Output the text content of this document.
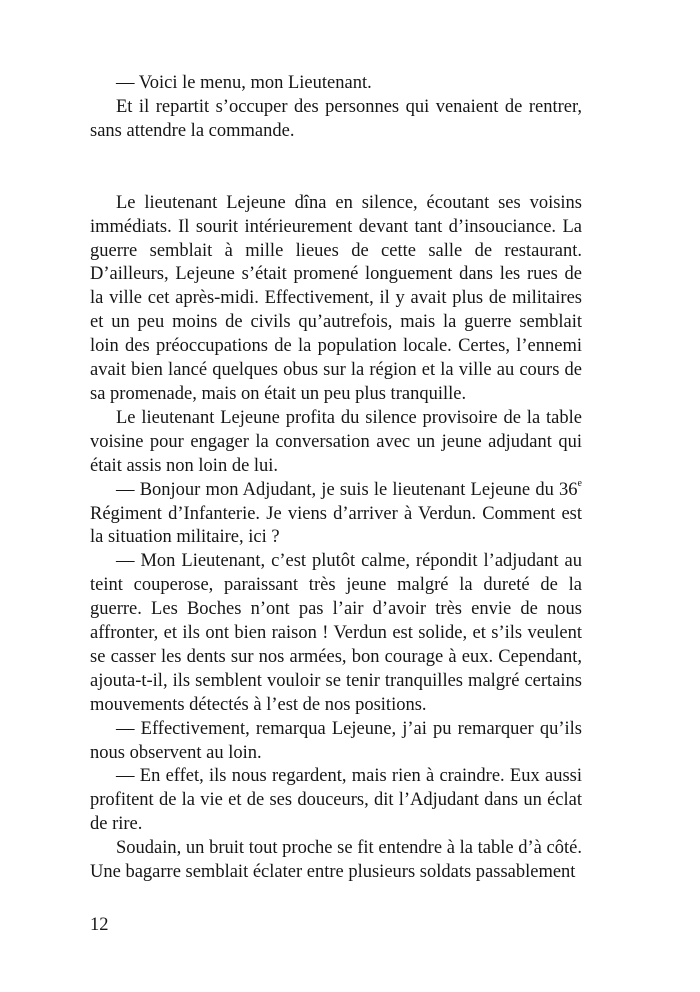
— Voici le menu, mon Lieutenant.

Et il repartit s’occuper des personnes qui venaient de rentrer, sans attendre la commande.

Le lieutenant Lejeune dîna en silence, écoutant ses voisins immédiats. Il sourit intérieurement devant tant d’insouciance. La guerre semblait à mille lieues de cette salle de restaurant. D’ailleurs, Lejeune s’était promené longuement dans les rues de la ville cet après-midi. Effectivement, il y avait plus de militaires et un peu moins de civils qu’autrefois, mais la guerre semblait loin des préoccupations de la population locale. Certes, l’ennemi avait bien lancé quelques obus sur la région et la ville au cours de sa promenade, mais on était un peu plus tranquille.

Le lieutenant Lejeune profita du silence provisoire de la table voisine pour engager la conversation avec un jeune adjudant qui était assis non loin de lui.

— Bonjour mon Adjudant, je suis le lieutenant Lejeune du 36e Régiment d’Infanterie. Je viens d’arriver à Verdun. Comment est la situation militaire, ici ?

— Mon Lieutenant, c’est plutôt calme, répondit l’adjudant au teint couperose, paraissant très jeune malgré la dureté de la guerre. Les Boches n’ont pas l’air d’avoir très envie de nous affronter, et ils ont bien raison ! Verdun est solide, et s’ils veulent se casser les dents sur nos armées, bon courage à eux. Cependant, ajouta-t-il, ils semblent vouloir se tenir tranquilles malgré certains mouvements détectés à l’est de nos positions.

— Effectivement, remarqua Lejeune, j’ai pu remarquer qu’ils nous observent au loin.

— En effet, ils nous regardent, mais rien à craindre. Eux aussi profitent de la vie et de ses douceurs, dit l’Adjudant dans un éclat de rire.

Soudain, un bruit tout proche se fit entendre à la table d’à côté. Une bagarre semblait éclater entre plusieurs soldats passablement

12
